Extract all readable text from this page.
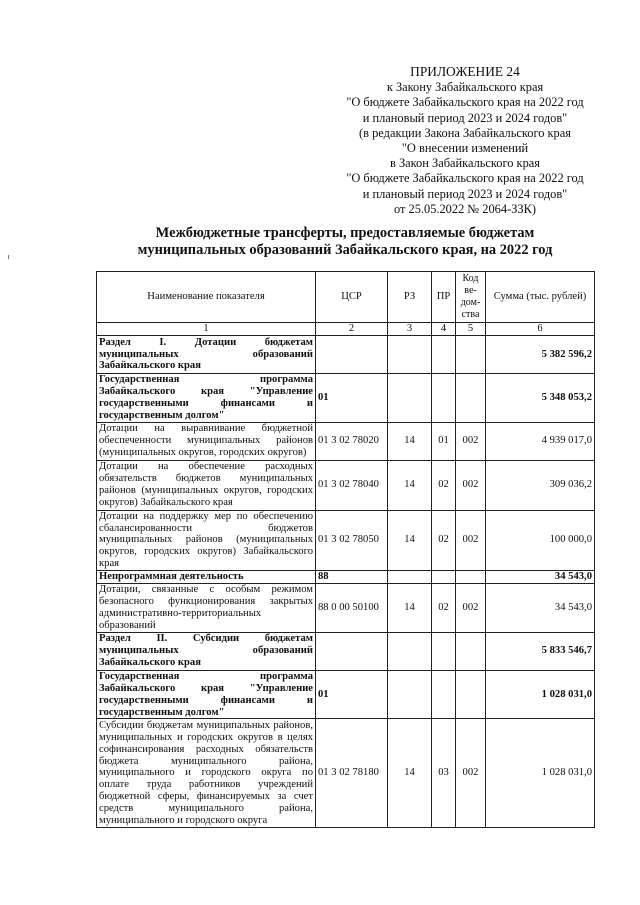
ПРИЛОЖЕНИЕ 24
к Закону Забайкальского края
"О бюджете Забайкальского края на 2022 год
и плановый период 2023 и 2024 годов"
(в редакции Закона Забайкальского края
"О внесении изменений
в Закон Забайкальского края
"О бюджете Забайкальского края на 2022 год
и плановый период 2023 и 2024 годов"
от 25.05.2022 № 2064-ЗЗК)
Межбюджетные трансферты, предоставляемые бюджетам
муниципальных образований Забайкальского края, на 2022 год
Наименование показателя	ЦСР	РЗ	ПР	Код ве- дом- ства	Сумма (тыс. рублей)
1	2	3	4	5	6
Раздел I. Дотации бюджетам муниципальных образований Забайкальского края					5 382 596,2
Государственная программа Забайкальского края "Управление государственными финансами и государственным долгом"	01				5 348 053,2
Дотации на выравнивание бюджетной обеспеченности муниципальных районов (муниципальных округов, городских округов)	01 3 02 78020	14	01	002	4 939 017,0
Дотации на обеспечение расходных обязательств бюджетов муниципальных районов (муниципальных округов, городских округов) Забайкальского края	01 3 02 78040	14	02	002	309 036,2
Дотации на поддержку мер по обеспечению сбалансированности бюджетов муниципальных районов (муниципальных округов, городских округов) Забайкальского края	01 3 02 78050	14	02	002	100 000,0
Непрограммная деятельность	88				34 543,0
Дотации, связанные с особым режимом безопасного функционирования закрытых административно-территориальных образований	88 0 00 50100	14	02	002	34 543,0
Раздел II. Субсидии бюджетам муниципальных образований Забайкальского края					5 833 546,7
Государственная программа Забайкальского края "Управление государственными финансами и государственным долгом"	01				1 028 031,0
Субсидии бюджетам муниципальных районов, муниципальных и городских округов в целях софинансирования расходных обязательств бюджета муниципального района, муниципального и городского округа по оплате труда работников учреждений бюджетной сферы, финансируемых за счет средств муниципального района, муниципального и городского округа	01 3 02 78180	14	03	002	1 028 031,0
